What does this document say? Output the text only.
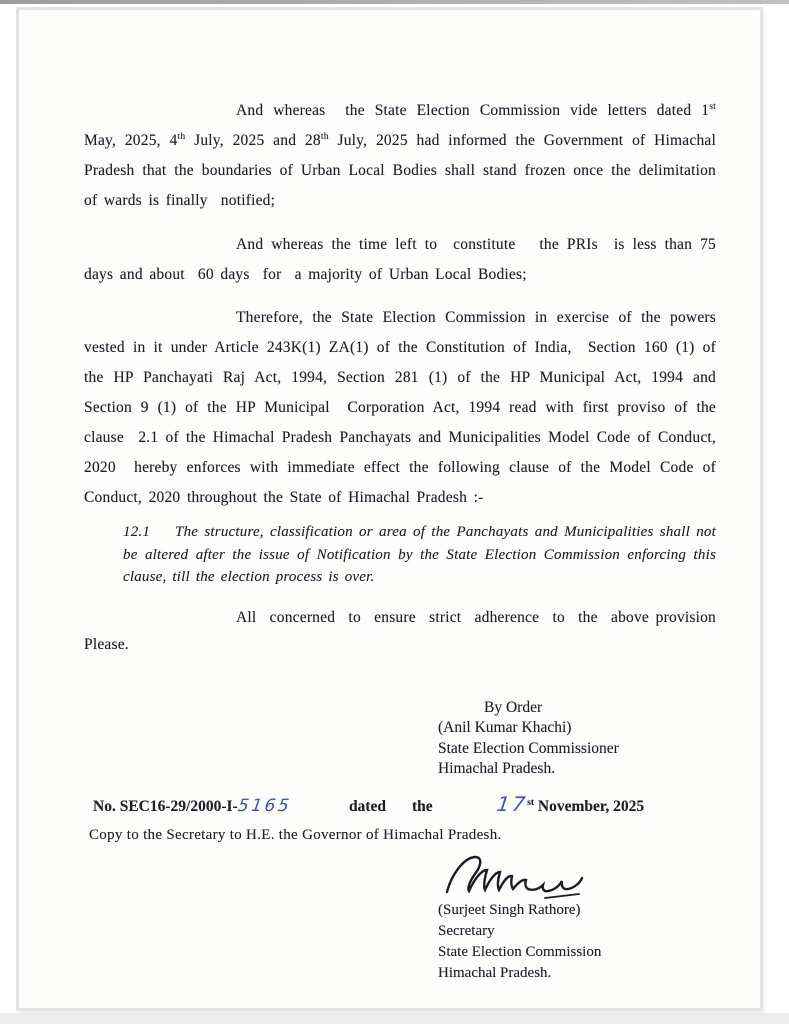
And whereas  the State Election Commission vide letters dated 1st May, 2025, 4th July, 2025 and 28th July, 2025 had informed the Government of Himachal Pradesh that the boundaries of Urban Local Bodies shall stand frozen once the delimitation of wards is finally  notified;
And whereas the time left to  constitute   the PRIs  is less than 75 days and about  60 days  for  a majority of Urban Local Bodies;
Therefore, the State Election Commission in exercise of the powers vested in it under Article 243K(1) ZA(1) of the Constitution of India,  Section 160 (1) of the HP Panchayati Raj Act, 1994, Section 281 (1) of the HP Municipal Act, 1994 and Section 9 (1) of the HP Municipal  Corporation Act, 1994 read with first proviso of the clause  2.1 of the Himachal Pradesh Panchayats and Municipalities Model Code of Conduct, 2020  hereby enforces with immediate effect the following clause of the Model Code of Conduct, 2020 throughout the State of Himachal Pradesh :-
12.1    The structure, classification or area of the Panchayats and Municipalities shall not be altered after the issue of Notification by the State Election Commission enforcing this clause, till the election process is over.
All  concerned  to  ensure  strict  adherence  to  the  above provision Please.
By Order
(Anil Kumar Khachi)
State Election Commissioner
Himachal Pradesh.
No. SEC16-29/2000-I-5165	dated the	17st November, 2025
Copy to the Secretary to H.E. the Governor of Himachal Pradesh.
(Surjeet Singh Rathore)
Secretary
State Election Commission
Himachal Pradesh.
